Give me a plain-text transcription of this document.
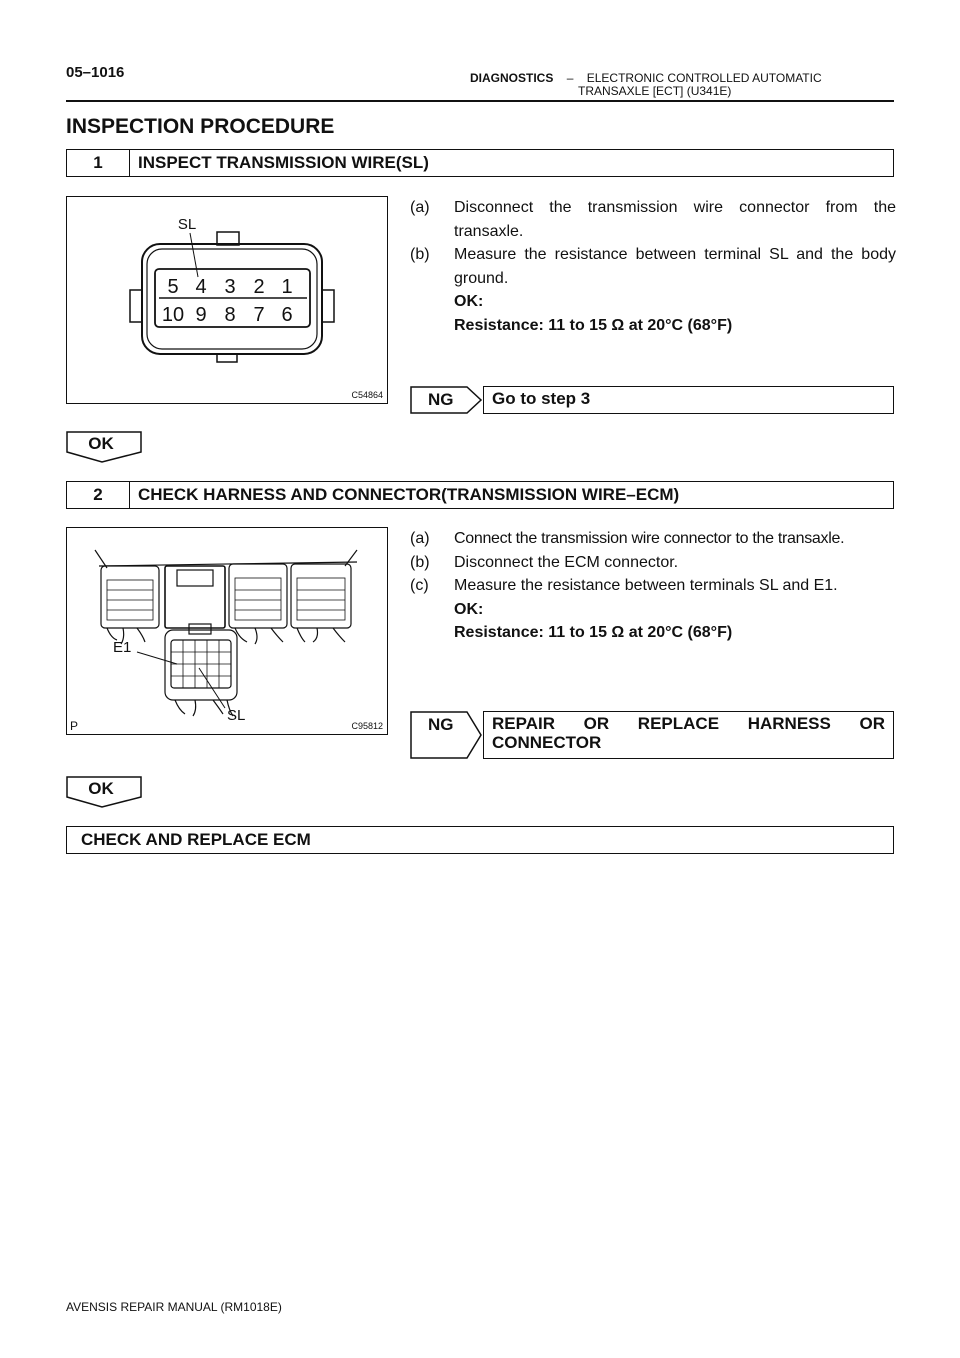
05–1016	DIAGNOSTICS – ELECTRONIC CONTROLLED AUTOMATIC
TRANSAXLE [ECT] (U341E)
INSPECTION PROCEDURE
1	INSPECT TRANSMISSION WIRE(SL)
5 4 3 2 1
10 9 8 7 6
SL
C54864
(a)	Disconnect the transmission wire connector from the transaxle.
(b)	Measure the resistance between terminal SL and the body ground.
OK:
Resistance: 11 to 15 Ω at 20°C (68°F)
NG	Go to step 3
OK
2	CHECK HARNESS AND CONNECTOR(TRANSMISSION WIRE–ECM)
E1
SL
P	C95812
(a)	Connect the transmission wire connector to the transaxle.
(b)	Disconnect the ECM connector.
(c)	Measure the resistance between terminals SL and E1.
OK:
Resistance: 11 to 15 Ω at 20°C (68°F)
NG	REPAIR OR REPLACE HARNESS OR CONNECTOR
OK
CHECK AND REPLACE ECM
AVENSIS REPAIR MANUAL (RM1018E)
